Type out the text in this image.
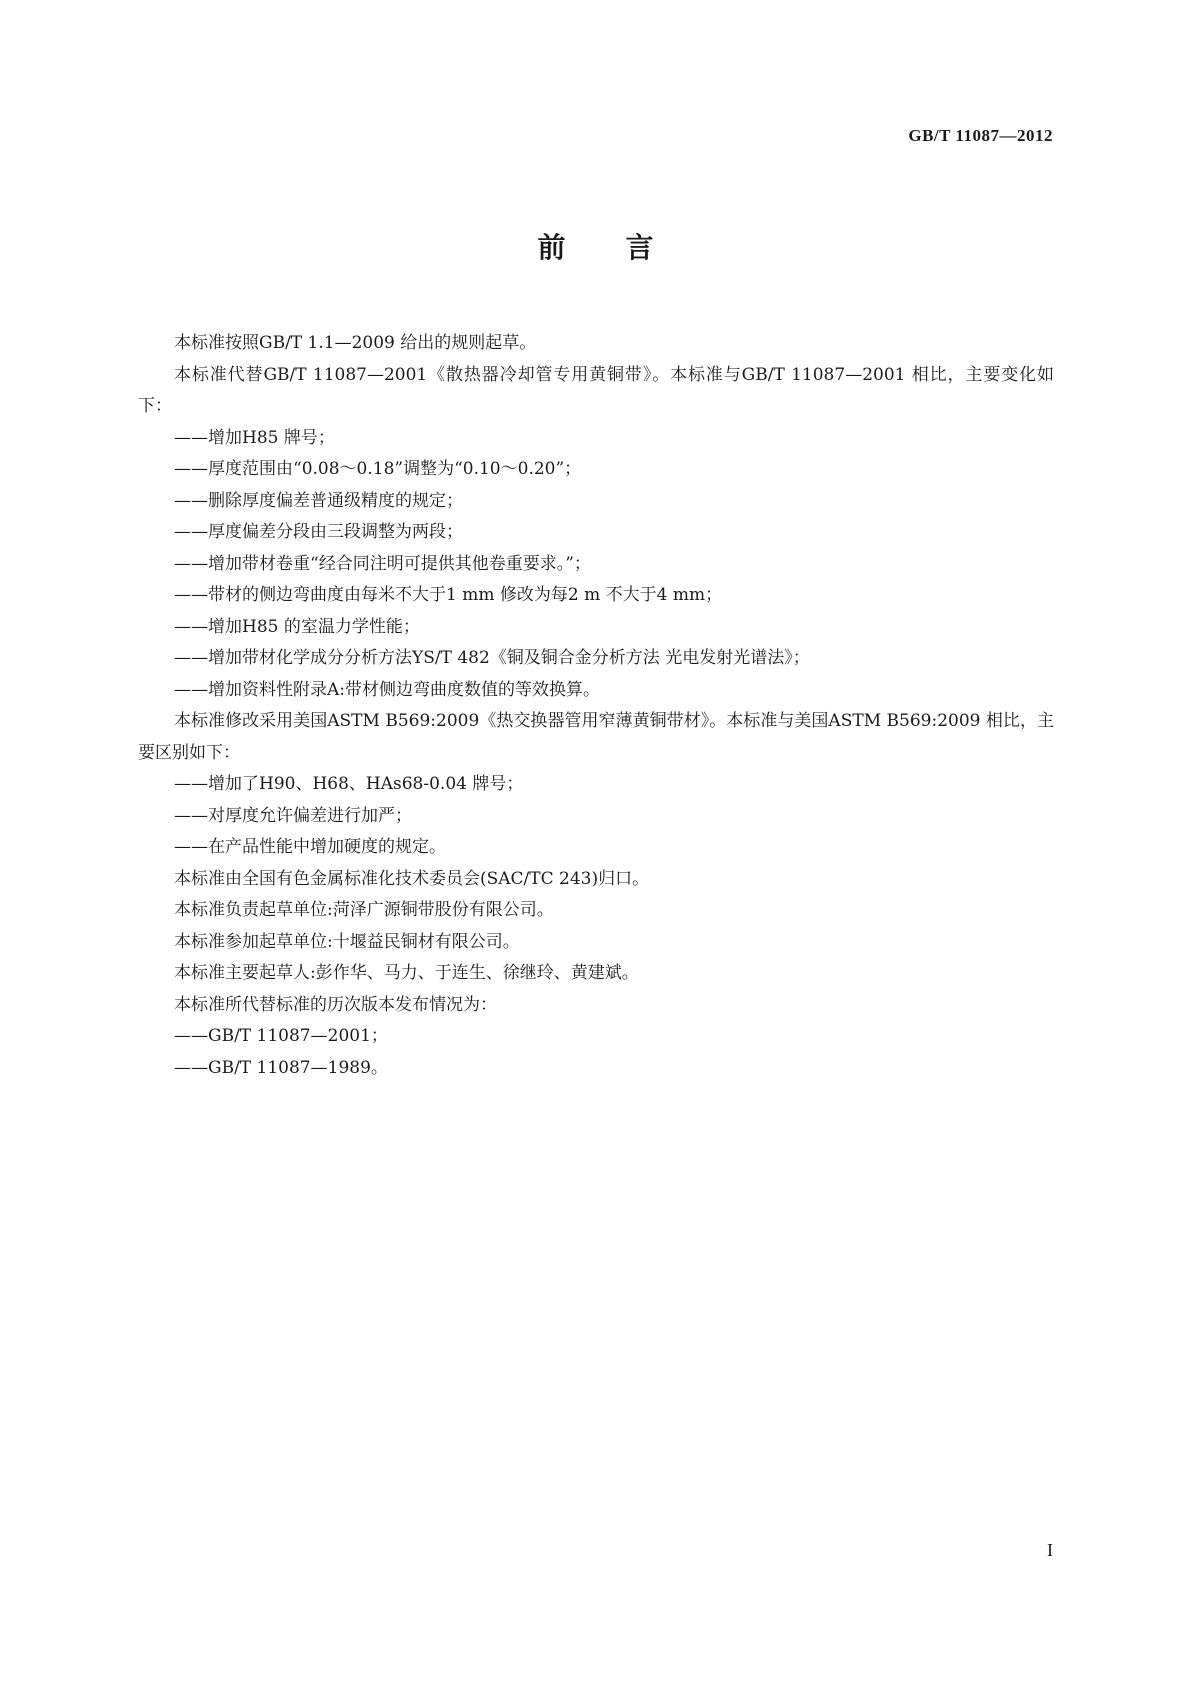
GB/T 11087—2012
前言

本标准按照GB/T 1.1—2009 给出的规则起草。

本标准代替GB/T 11087—2001《散热器冷却管专用黄铜带》。本标准与GB/T 11087—2001 相比，主要变化如下：

——增加H85 牌号；

——厚度范围由“0.08～0.18”调整为“0.10～0.20”；

——删除厚度偏差普通级精度的规定；

——厚度偏差分段由三段调整为两段；

——增加带材卷重“经合同注明可提供其他卷重要求。”；

——带材的侧边弯曲度由每米不大于1 mm 修改为每2 m 不大于4 mm；

——增加H85 的室温力学性能；

——增加带材化学成分分析方法YS/T 482《铜及铜合金分析方法 光电发射光谱法》；

——增加资料性附录A:带材侧边弯曲度数值的等效换算。

本标准修改采用美国ASTM B569:2009《热交换器管用窄薄黄铜带材》。本标准与美国ASTM B569:2009 相比，主要区别如下：

——增加了H90、H68、HAs68-0.04 牌号；

——对厚度允许偏差进行加严；

——在产品性能中增加硬度的规定。

本标准由全国有色金属标准化技术委员会(SAC/TC 243)归口。

本标准负责起草单位:菏泽广源铜带股份有限公司。

本标准参加起草单位:十堰益民铜材有限公司。

本标准主要起草人:彭作华、马力、于连生、徐继玲、黄建斌。

本标准所代替标准的历次版本发布情况为：

——GB/T 11087—2001；

——GB/T 11087—1989。

I
